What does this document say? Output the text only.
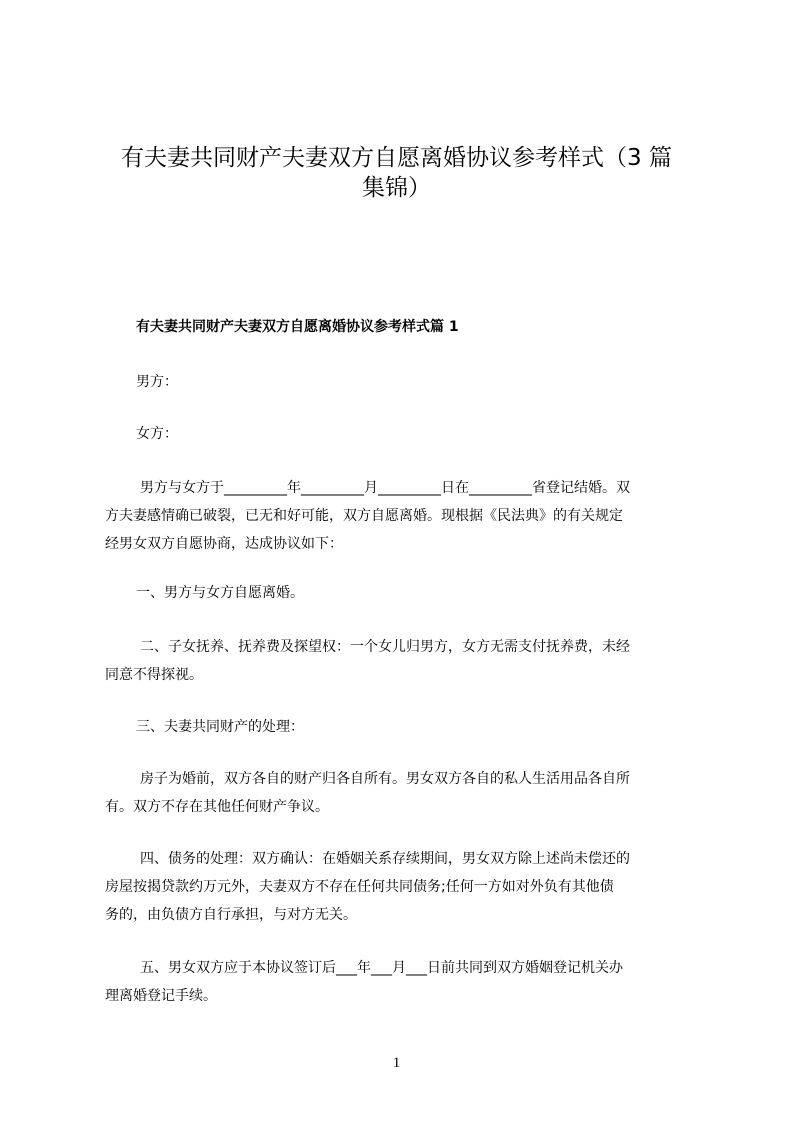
有夫妻共同财产夫妻双方自愿离婚协议参考样式（3 篇
集锦）
有夫妻共同财产夫妻双方自愿离婚协议参考样式篇 1
男方：
女方：
男方与女方于_________年_________月_________日在_________省登记结婚。双
方夫妻感情确已破裂，已无和好可能，双方自愿离婚。现根据《民法典》的有关规定
经男女双方自愿协商，达成协议如下：
一、男方与女方自愿离婚。
二、子女抚养、抚养费及探望权：一个女儿归男方，女方无需支付抚养费，未经
同意不得探视。
三、夫妻共同财产的处理：
房子为婚前，双方各自的财产归各自所有。男女双方各自的私人生活用品各自所
有。双方不存在其他任何财产争议。
四、债务的处理：双方确认：在婚姻关系存续期间，男女双方除上述尚未偿还的
房屋按揭贷款约万元外，夫妻双方不存在任何共同债务;任何一方如对外负有其他债
务的，由负债方自行承担，与对方无关。
五、男女双方应于本协议签订后___年___月___日前共同到双方婚姻登记机关办
理离婚登记手续。
1
